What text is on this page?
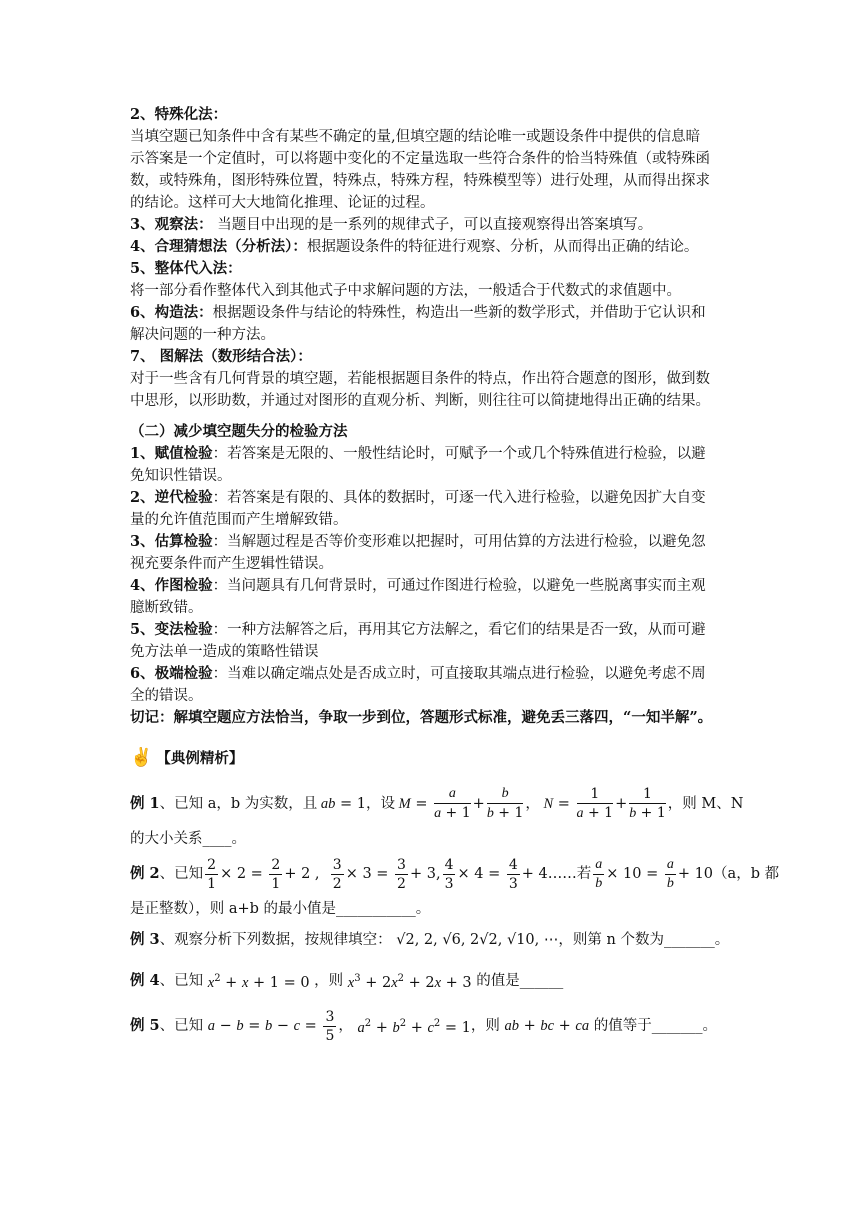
2、特殊化法：
当填空题已知条件中含有某些不确定的量,但填空题的结论唯一或题设条件中提供的信息暗
示答案是一个定值时，可以将题中变化的不定量选取一些符合条件的恰当特殊值（或特殊函
数，或特殊角，图形特殊位置，特殊点，特殊方程，特殊模型等）进行处理，从而得出探求
的结论。这样可大大地简化推理、论证的过程。
3、观察法： 当题目中出现的是一系列的规律式子，可以直接观察得出答案填写。
4、合理猜想法（分析法）：根据题设条件的特征进行观察、分析，从而得出正确的结论。
5、整体代入法：
将一部分看作整体代入到其他式子中求解问题的方法，一般适合于代数式的求值题中。
6、构造法：根据题设条件与结论的特殊性，构造出一些新的数学形式，并借助于它认识和
解决问题的一种方法。
7、 图解法（数形结合法）：
对于一些含有几何背景的填空题，若能根据题目条件的特点，作出符合题意的图形，做到数
中思形，以形助数，并通过对图形的直观分析、判断，则往往可以简捷地得出正确的结果。
（二）减少填空题失分的检验方法
1、赋值检验：若答案是无限的、一般性结论时，可赋予一个或几个特殊值进行检验，以避
免知识性错误。
2、逆代检验：若答案是有限的、具体的数据时，可逐一代入进行检验，以避免因扩大自变
量的允许值范围而产生增解致错。
3、估算检验：当解题过程是否等价变形难以把握时，可用估算的方法进行检验，以避免忽
视充要条件而产生逻辑性错误。
4、作图检验：当问题具有几何背景时，可通过作图进行检验，以避免一些脱离事实而主观
臆断致错。
5、变法检验：一种方法解答之后，再用其它方法解之，看它们的结果是否一致，从而可避
免方法单一造成的策略性错误
6、极端检验：当难以确定端点处是否成立时，可直接取其端点进行检验，以避免考虑不周
全的错误。
切记：解填空题应方法恰当，争取一步到位，答题形式标准，避免丢三落四，“一知半解”。
✌ 【典例精析】
例 1 、已知 a，b 为实数，且 ab = 1 ，设 $M = \frac{a}{a + 1} + \frac{b}{b + 1}$ ， $N = \frac{1}{a + 1} + \frac{1}{b + 1}$ ，则 M、N
的大小关系____。
例 2 、已知 $\frac{2}{1} \times 2 = \frac{2}{1} + 2$ , $\frac{3}{2} \times 3 = \frac{3}{2} + 3$, $\frac{4}{3} \times 4 = \frac{4}{3} + 4$ ……若 $\frac{a}{b} \times 10 = \frac{a}{b} + 10$ （a，b 都
是正整数），则 a+b 的最小值是___________。
例 3 、观察分析下列数据，按规律填空： √2, 2, √6, 2√2, √10, ⋯ ，则第 n 个数为_______。
例 4 、已知 $x^2 + x + 1 = 0$ ，则 $x^3 + 2x^2 + 2x + 3$ 的值是______
例 5 、已知 $a - b = b - c = \frac{3}{5}$ ， $a^2 + b^2 + c^2 = 1$ ，则 ab + bc + ca 的值等于_______。
